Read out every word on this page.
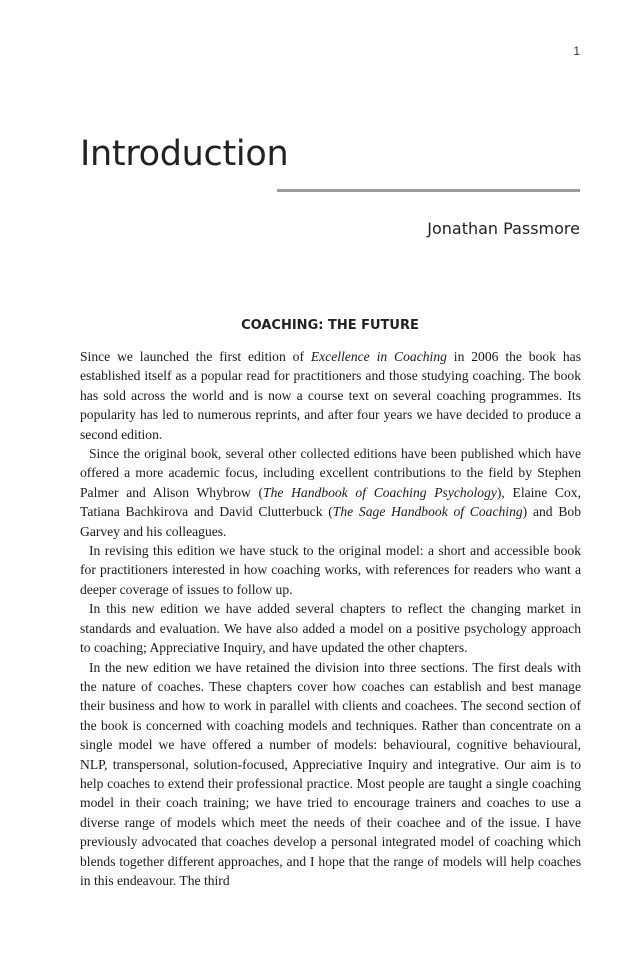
1
Introduction
Jonathan Passmore
COACHING: THE FUTURE

Since we launched the first edition of Excellence in Coaching in 2006 the book has established itself as a popular read for practitioners and those studying coaching. The book has sold across the world and is now a course text on several coaching programmes. Its popularity has led to numerous reprints, and after four years we have decided to produce a second edition.

Since the original book, several other collected editions have been published which have offered a more academic focus, including excellent contributions to the field by Stephen Palmer and Alison Whybrow (The Handbook of Coaching Psychology), Elaine Cox, Tatiana Bachkirova and David Clutterbuck (The Sage Handbook of Coaching) and Bob Garvey and his colleagues.

In revising this edition we have stuck to the original model: a short and accessible book for practitioners interested in how coaching works, with references for readers who want a deeper coverage of issues to follow up.

In this new edition we have added several chapters to reflect the changing market in standards and evaluation. We have also added a model on a positive psychology approach to coaching; Appreciative Inquiry, and have updated the other chapters.

In the new edition we have retained the division into three sections. The first deals with the nature of coaches. These chapters cover how coaches can establish and best manage their business and how to work in parallel with clients and coachees. The second section of the book is concerned with coaching models and techniques. Rather than concentrate on a single model we have offered a number of models: behavioural, cognitive behavioural, NLP, transpersonal, solution-focused, Appreciative Inquiry and integrative. Our aim is to help coaches to extend their professional practice. Most people are taught a single coaching model in their coach training; we have tried to encourage trainers and coaches to use a diverse range of models which meet the needs of their coachee and of the issue. I have previously advocated that coaches develop a personal integrated model of coaching which blends together different approaches, and I hope that the range of models will help coaches in this endeavour. The third
